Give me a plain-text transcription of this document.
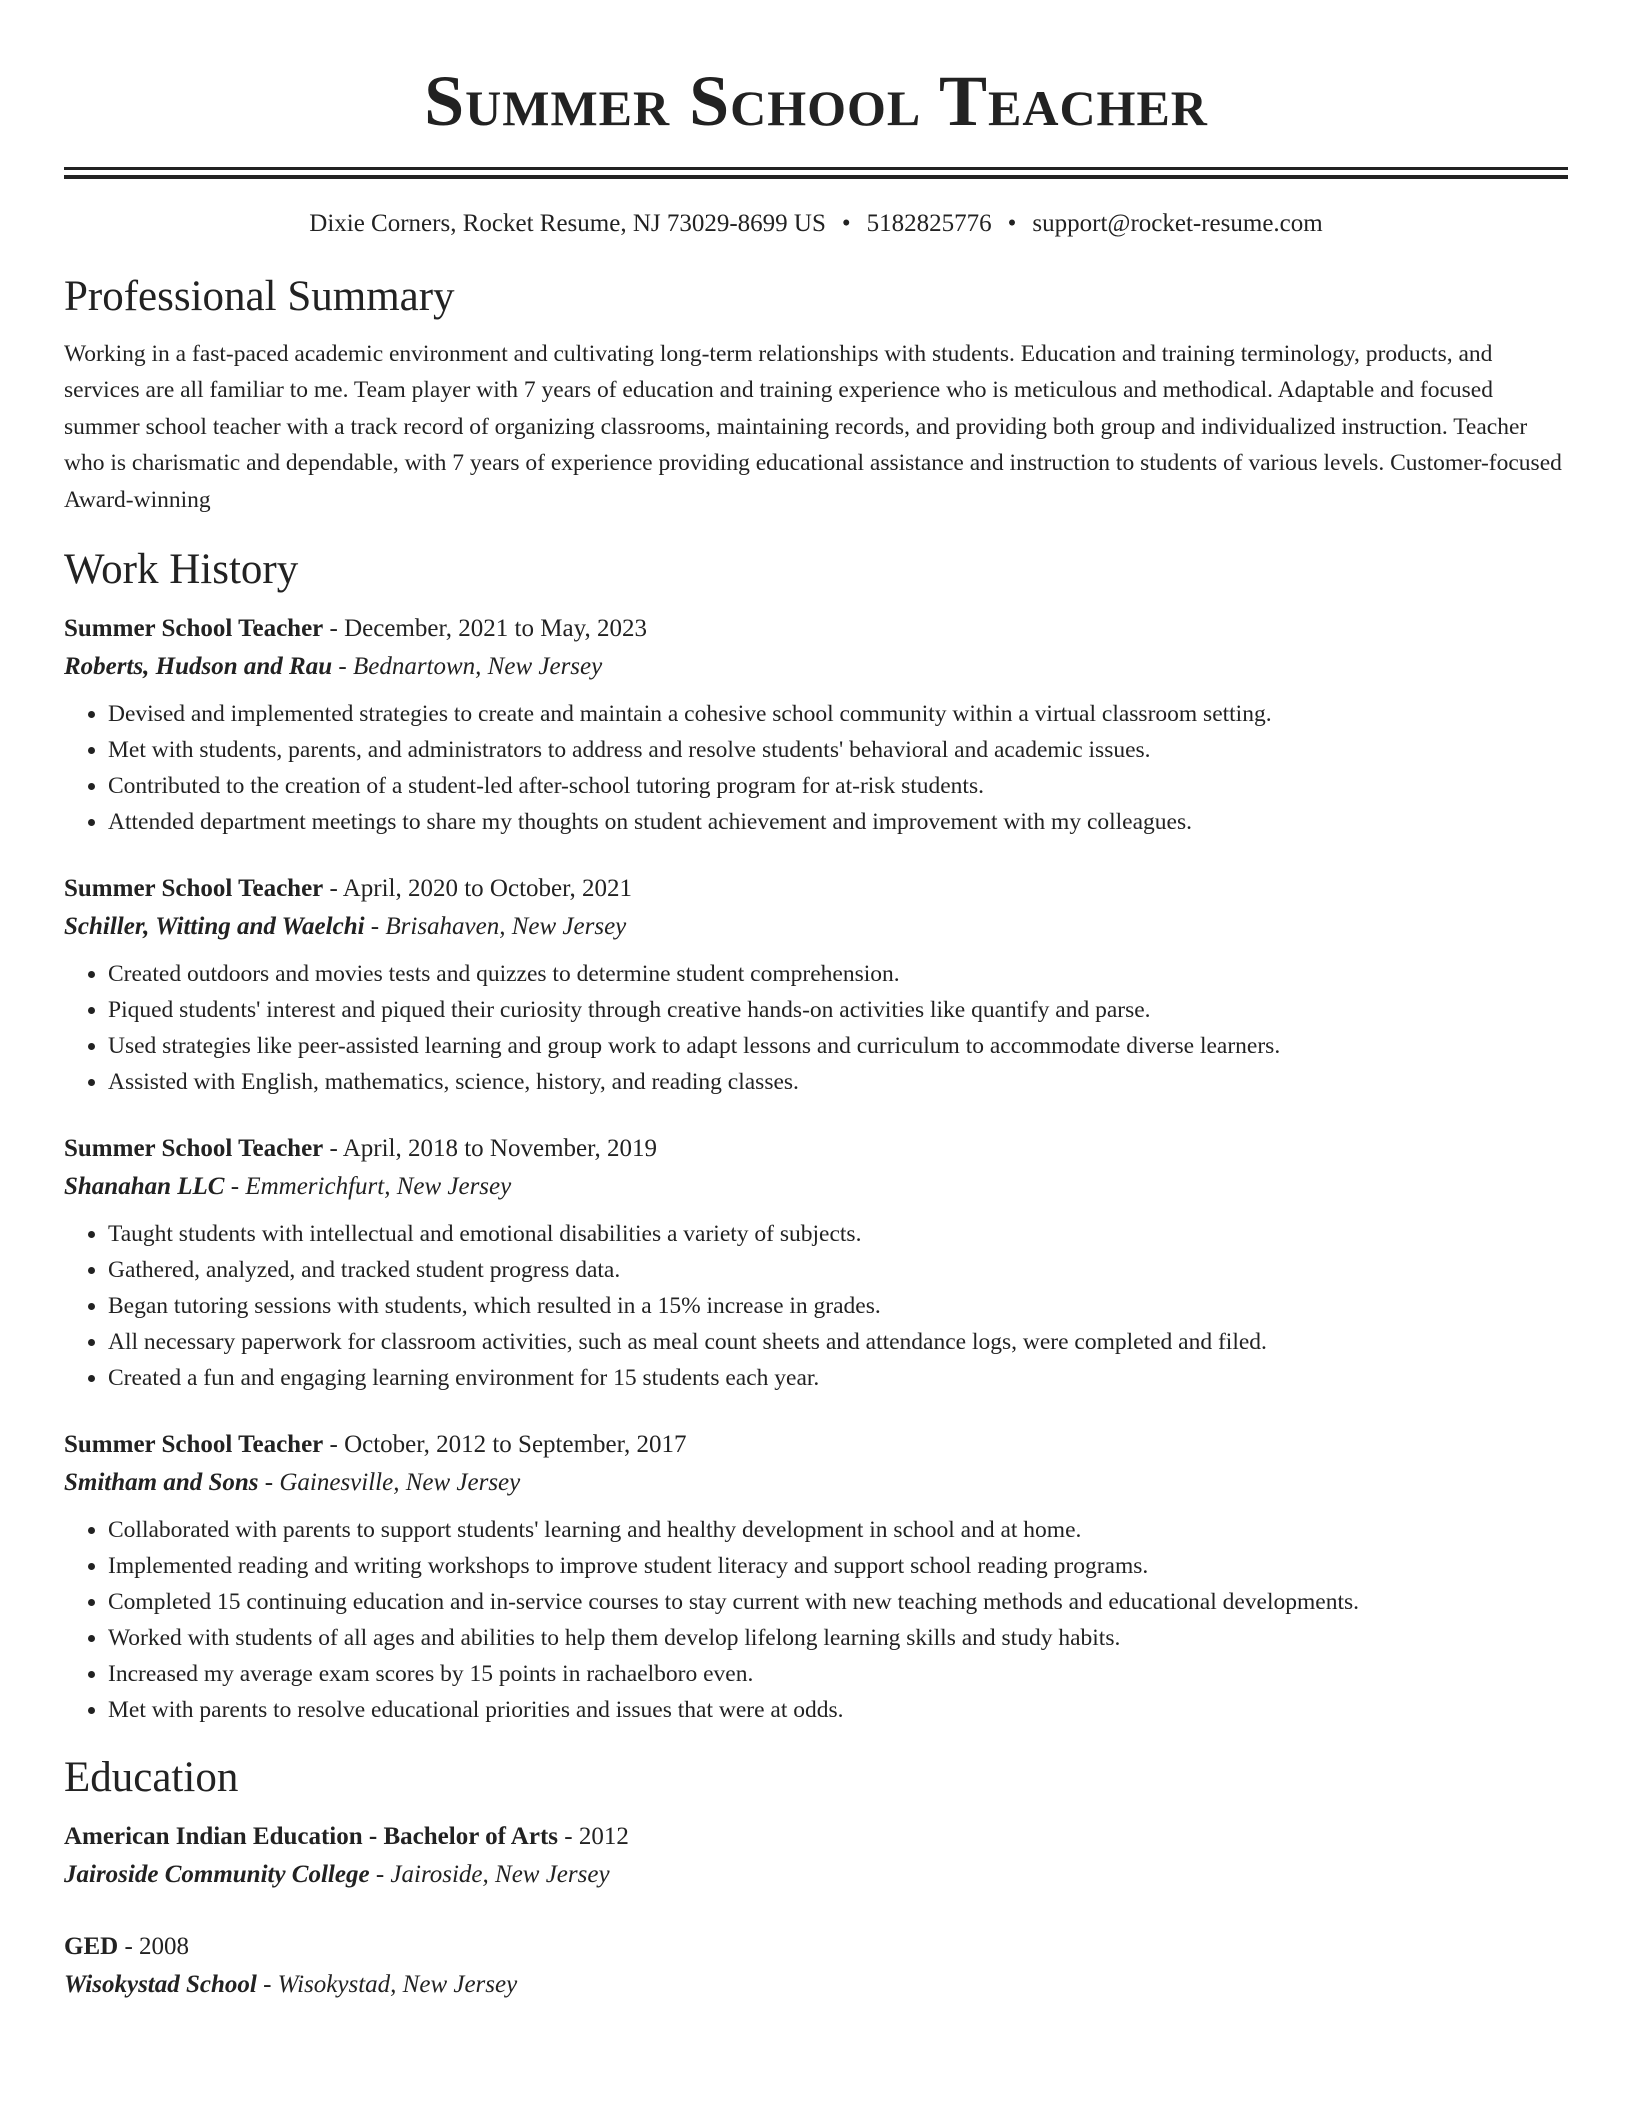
Summer School Teacher
Dixie Corners, Rocket Resume, NJ 73029-8699 US • 5182825776 • support@rocket-resume.com
Professional Summary

Working in a fast-paced academic environment and cultivating long-term relationships with students. Education and training terminology, products, and services are all familiar to me. Team player with 7 years of education and training experience who is meticulous and methodical. Adaptable and focused summer school teacher with a track record of organizing classrooms, maintaining records, and providing both group and individualized instruction. Teacher who is charismatic and dependable, with 7 years of experience providing educational assistance and instruction to students of various levels. Customer-focused Award-winning

Work History
Summer School Teacher - December, 2021 to May, 2023
Roberts, Hudson and Rau - Bednartown, New Jersey
• Devised and implemented strategies to create and maintain a cohesive school community within a virtual classroom setting.
• Met with students, parents, and administrators to address and resolve students' behavioral and academic issues.
• Contributed to the creation of a student-led after-school tutoring program for at-risk students.
• Attended department meetings to share my thoughts on student achievement and improvement with my colleagues.
Summer School Teacher - April, 2020 to October, 2021
Schiller, Witting and Waelchi - Brisahaven, New Jersey
• Created outdoors and movies tests and quizzes to determine student comprehension.
• Piqued students' interest and piqued their curiosity through creative hands-on activities like quantify and parse.
• Used strategies like peer-assisted learning and group work to adapt lessons and curriculum to accommodate diverse learners.
• Assisted with English, mathematics, science, history, and reading classes.
Summer School Teacher - April, 2018 to November, 2019
Shanahan LLC - Emmerichfurt, New Jersey
• Taught students with intellectual and emotional disabilities a variety of subjects.
• Gathered, analyzed, and tracked student progress data.
• Began tutoring sessions with students, which resulted in a 15% increase in grades.
• All necessary paperwork for classroom activities, such as meal count sheets and attendance logs, were completed and filed.
• Created a fun and engaging learning environment for 15 students each year.
Summer School Teacher - October, 2012 to September, 2017
Smitham and Sons - Gainesville, New Jersey
• Collaborated with parents to support students' learning and healthy development in school and at home.
• Implemented reading and writing workshops to improve student literacy and support school reading programs.
• Completed 15 continuing education and in-service courses to stay current with new teaching methods and educational developments.
• Worked with students of all ages and abilities to help them develop lifelong learning skills and study habits.
• Increased my average exam scores by 15 points in rachaelboro even.
• Met with parents to resolve educational priorities and issues that were at odds.
Education
American Indian Education - Bachelor of Arts - 2012
Jairoside Community College - Jairoside, New Jersey
GED - 2008
Wisokystad School - Wisokystad, New Jersey
